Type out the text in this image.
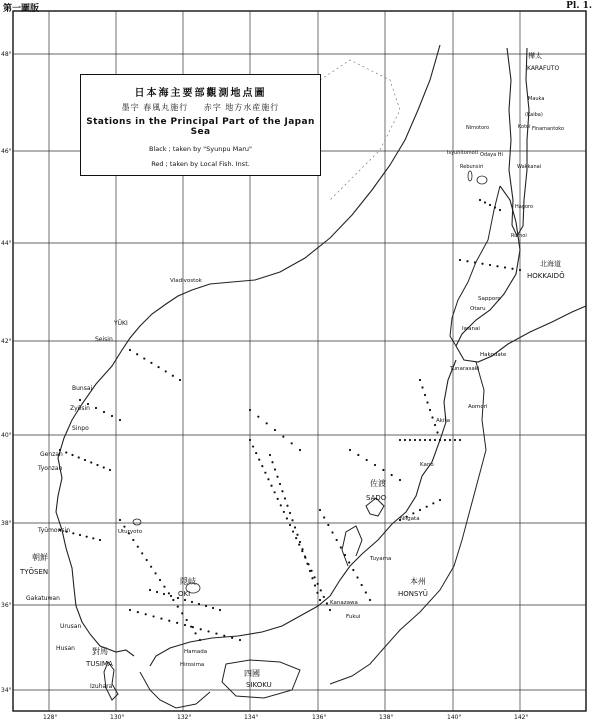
第一圖版	Pl. 1.
樺太
KARAFUTO
Mauka
(Kaiba)
Kotoi
Nimotoro	Finamantoko
Isyuhitomoti Odaya Hi
Rebunsiri	Wakkanai
Hagoro
Rumoi
北海道
HOKKAIDŌ
Vladivostok
YŪKI
Seisin
Bunsai
Zyōsin
Sinpo
Genzan
Tyonzan
Tyūmonsin
朝鮮
TYŌSEN
Gakatuwan
Urusan
Husan 對馬
TUSIMA
Izuhara
Uturyoto
隠岐
OKI
Hamada
Hirosima
四國
SIKOKU
佐渡
SADO
本州
HONSYŪ
Kanazawa
Fukui
Tuyama
Niigata
Kano
Akita
Aomori
Tunarasaki
Hakodate
Otaru
Iwanai
Sapporo
128°	130°	132°	134°	136°	138°	140°	142°
48°
46°
44°
42°
40°
38°
36°
34°
日本海主要部觀測地点圖
墨字 春風丸施行 赤字 地方水産施行
Stations in the Principal Part of the Japan Sea
Black ; taken by "Syunpu Maru"
Red ; taken by Local Fish. Inst.
